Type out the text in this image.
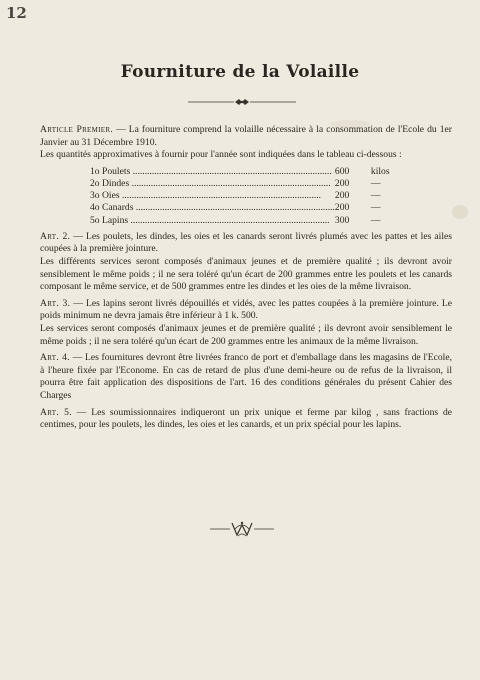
12
Fourniture de la Volaille

Article Premier. — La fourniture comprend la volaille nécessaire à la consommation de l'Ecole du 1er Janvier au 31 Décembre 1910.

Les quantités approximatives à fournir pour l'année sont indiquées dans le tableau ci-dessous :

1o Poulets .....	600	kilos
2o Dindes .....	200	—
3o Oies .....	200	—
4o Canards .....	200	—
5o Lapins .....	300	—

Art. 2. — Les poulets, les dindes, les oies et les canards seront livrés plumés avec les pattes et les ailes coupées à la première jointure.

Les différents services seront composés d'animaux jeunes et de première qualité ; ils devront avoir sensiblement le même poids ; il ne sera toléré qu'un écart de 200 grammes entre les poulets et les canards composant le même service, et de 500 grammes entre les dindes et les oies de la même livraison.

Art. 3. — Les lapins seront livrés dépouillés et vidés, avec les pattes coupées à la première jointure. Le poids minimum ne devra jamais être inférieur à 1 k. 500.

Les services seront composés d'animaux jeunes et de première qualité ; ils devront avoir sensiblement le même poids ; il ne sera toléré qu'un écart de 200 grammes entre les animaux de la même livraison.

Art. 4. — Les fournitures devront être livrées franco de port et d'emballage dans les magasins de l'Ecole, à l'heure fixée par l'Econome. En cas de retard de plus d'une demi-heure ou de refus de la livraison, il pourra être fait application des dispositions de l'art. 16 des conditions générales du présent Cahier des Charges

Art. 5. — Les soumissionnaires indiqueront un prix unique et ferme par kilog , sans fractions de centimes, pour les poulets, les dindes, les oies et les canards, et un prix spécial pour les lapins.
